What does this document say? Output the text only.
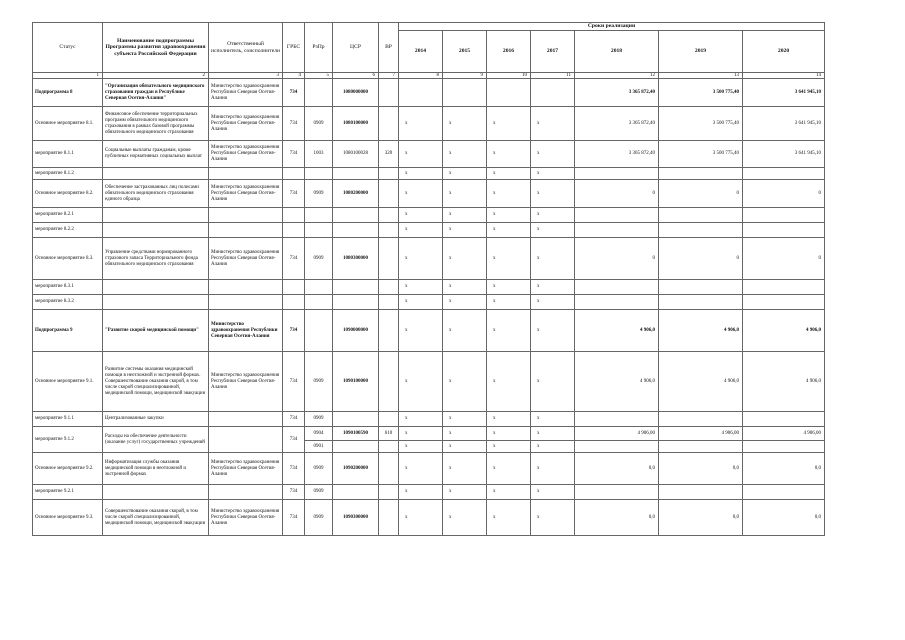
Статус	Наименование подпрограммы Программы развития здравоохранения субъекта Российской Федерации	Ответственный исполнитель, соисполнители	ГРБС	РзПр	ЦСР	ВР	Сроки реализации						
							2014	2015	2016	2017	2018	2019	2020
1	2	3	4	5	6	7	8	9	10	11	12	13	14
Подпрограмма 8	"Организация обязательного медицинского страхования граждан в Республике Северная Осетия-Алания"	Министерство здравоохранения Республики Северная Осетия-Алания	734		1080000000						3 365 872,40	3 500 775,40	3 641 945,10
Основное мероприятие 8.1.	Финансовое обеспечение территориальных программ обязательного медицинского страхования в рамках базовой программы обязательного медицинского страхования	Министерство здравоохранения Республики Северная Осетия-Алания	734	0909	1080100000		x	x	x	x	3 365 872,40	3 500 775,40	3 641 945,10
мероприятие 8.1.1	Социальные выплаты гражданам, кроме публичных нормативных социальных выплат	Министерство здравоохранения Республики Северная Осетия-Алания	734	1003	1080100028	320	x	x	x	x	3 365 872,40	3 500 775,40	3 641 945,10
мероприятие 8.1.2							x	x	x	x			
Основное мероприятие 8.2.	Обеспечение застрахованных лиц полисами обязательного медицинского страхования единого образца	Министерство здравоохранения Республики Северная Осетия-Алания	734	0909	1080200000		x	x	x	x	0	0	0
мероприятие 8.2.1							x	x	x	x			
мероприятие 8.2.2							x	x	x	x			
Основное мероприятие 8.3.	Управление средствами нормированного страхового запаса Территориального фонда обязательного медицинского страхования	Министерство здравоохранения Республики Северная Осетия-Алания	734	0909	1080300000		x	x	x	x	0	0	0
мероприятие 8.3.1							x	x	x	x			
мероприятие 8.3.2							x	x	x	x			
Подпрограмма 9	"Развитие скорой медицинской помощи"	Министерство здравоохранения Республики Северная Осетия-Алания	734		1090000000		x	x	x	x	4 906,0	4 906,0	4 906,0
Основное мероприятие 9.1.	Развитие системы оказания медицинской помощи в неотложной и экстренной формах. Совершенствование оказания скорой, в том числе скорой специализированной, медицинской помощи, медицинской эвакуации	Министерство здравоохранения Республики Северная Осетия-Алания	734	0909	1090100000		x	x	x	x	4 906,0	4 906,0	4 906,0
мероприятие 9.1.1	Централизованные закупки		734	0909			x	x	x	x			
мероприятие 9.1.2	Расходы на обеспечение деятельности (оказание услуг) государственных учреждений		734	0904	1090100590	610	x	x	x	x	4 906,00	4 906,00	4 906,00
				0901			x	x	x	x			
Основное мероприятие 9.2.	Информатизация службы оказания медицинской помощи в неотложной и экстренной формах	Министерство здравоохранения Республики Северная Осетия-Алания	734	0909	1090200000		x	x	x	x	0,0	0,0	0,0
мероприятие 9.2.1			734	0909			x	x	x	x			
Основное мероприятие 9.3.	Совершенствование оказания скорой, в том числе скорой специализированной, медицинской помощи, медицинской эвакуации	Министерство здравоохранения Республики Северная Осетия-Алания	734	0909	1090300000		x	x	x	x	0,0	0,0	0,0
